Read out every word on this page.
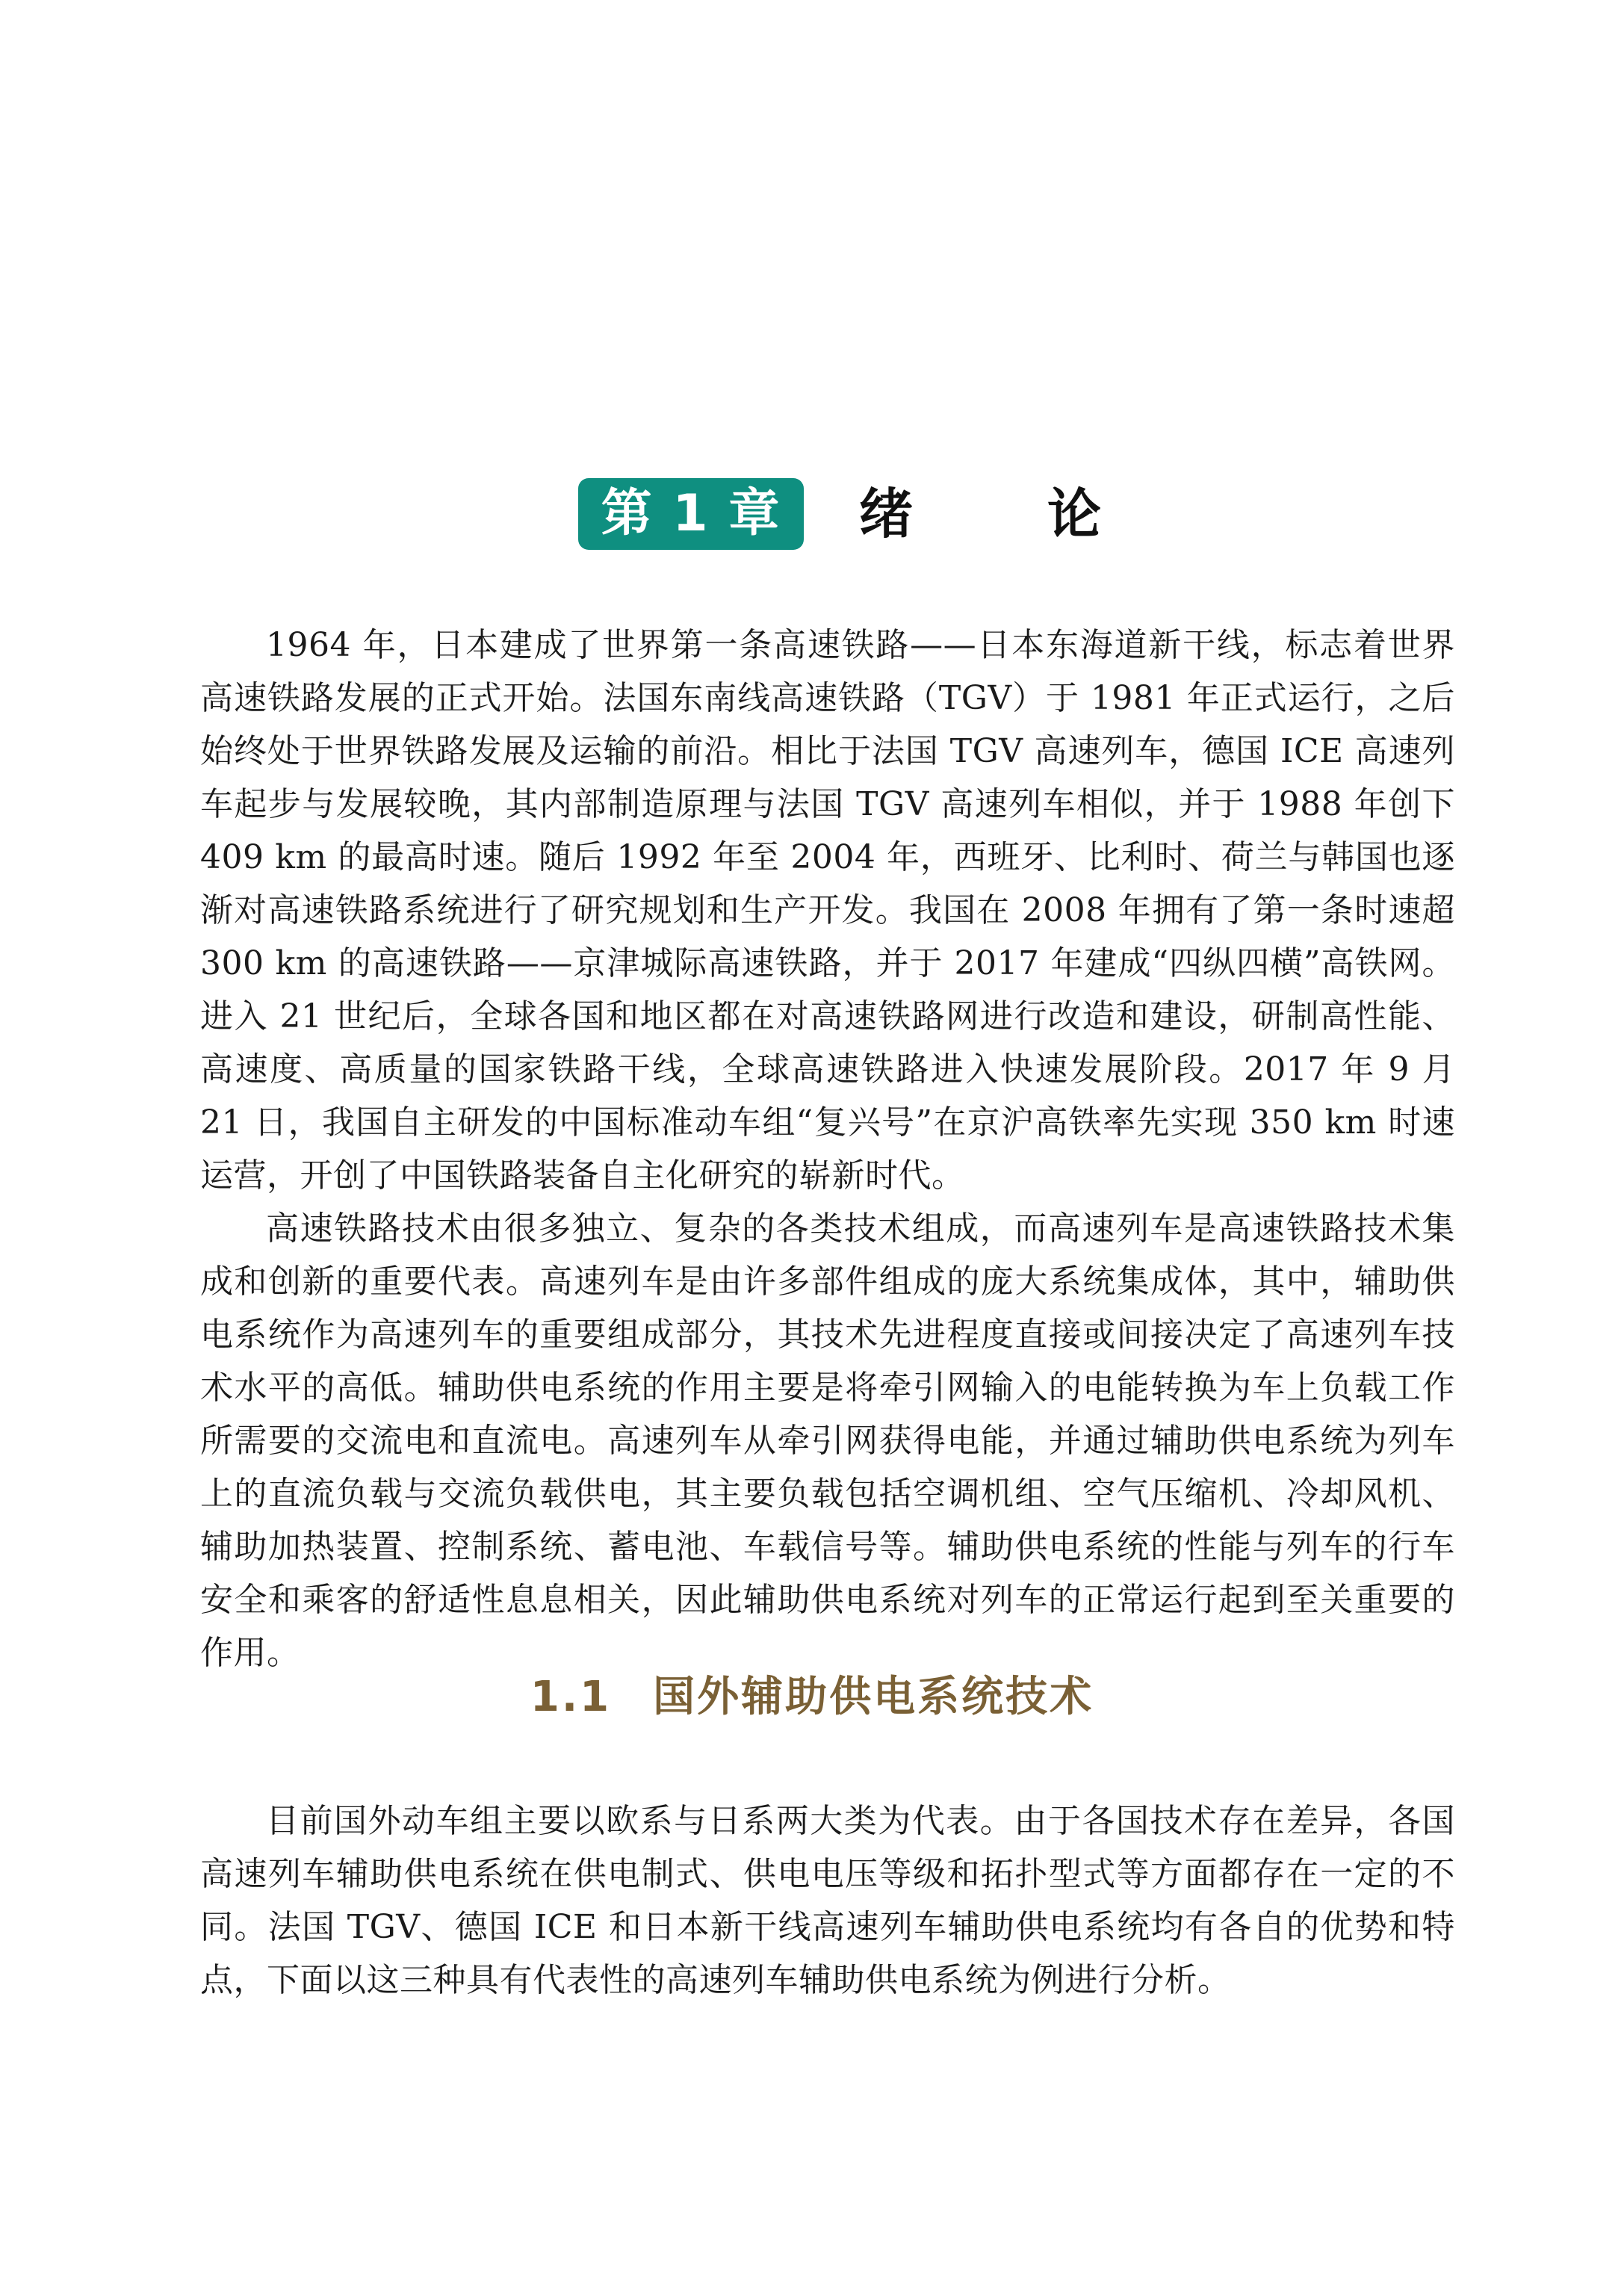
第 1 章	绪论

1964 年，日本建成了世界第一条高速铁路——日本东海道新干线，标志着世界高速铁路发展的正式开始。法国东南线高速铁路（TGV）于 1981 年正式运行，之后始终处于世界铁路发展及运输的前沿。相比于法国 TGV 高速列车，德国 ICE 高速列车起步与发展较晚，其内部制造原理与法国 TGV 高速列车相似，并于 1988 年创下 409 km 的最高时速。随后 1992 年至 2004 年，西班牙、比利时、荷兰与韩国也逐渐对高速铁路系统进行了研究规划和生产开发。我国在 2008 年拥有了第一条时速超 300 km 的高速铁路——京津城际高速铁路，并于 2017 年建成“四纵四横”高铁网。进入 21 世纪后，全球各国和地区都在对高速铁路网进行改造和建设，研制高性能、高速度、高质量的国家铁路干线，全球高速铁路进入快速发展阶段。2017 年 9 月 21 日，我国自主研发的中国标准动车组“复兴号”在京沪高铁率先实现 350 km 时速运营，开创了中国铁路装备自主化研究的崭新时代。

高速铁路技术由很多独立、复杂的各类技术组成，而高速列车是高速铁路技术集成和创新的重要代表。高速列车是由许多部件组成的庞大系统集成体，其中，辅助供电系统作为高速列车的重要组成部分，其技术先进程度直接或间接决定了高速列车技术水平的高低。辅助供电系统的作用主要是将牵引网输入的电能转换为车上负载工作所需要的交流电和直流电。高速列车从牵引网获得电能，并通过辅助供电系统为列车上的直流负载与交流负载供电，其主要负载包括空调机组、空气压缩机、冷却风机、辅助加热装置、控制系统、蓄电池、车载信号等。辅助供电系统的性能与列车的行车安全和乘客的舒适性息息相关，因此辅助供电系统对列车的正常运行起到至关重要的作用。

1.1 国外辅助供电系统技术

目前国外动车组主要以欧系与日系两大类为代表。由于各国技术存在差异，各国高速列车辅助供电系统在供电制式、供电电压等级和拓扑型式等方面都存在一定的不同。法国 TGV、德国 ICE 和日本新干线高速列车辅助供电系统均有各自的优势和特点，下面以这三种具有代表性的高速列车辅助供电系统为例进行分析。
